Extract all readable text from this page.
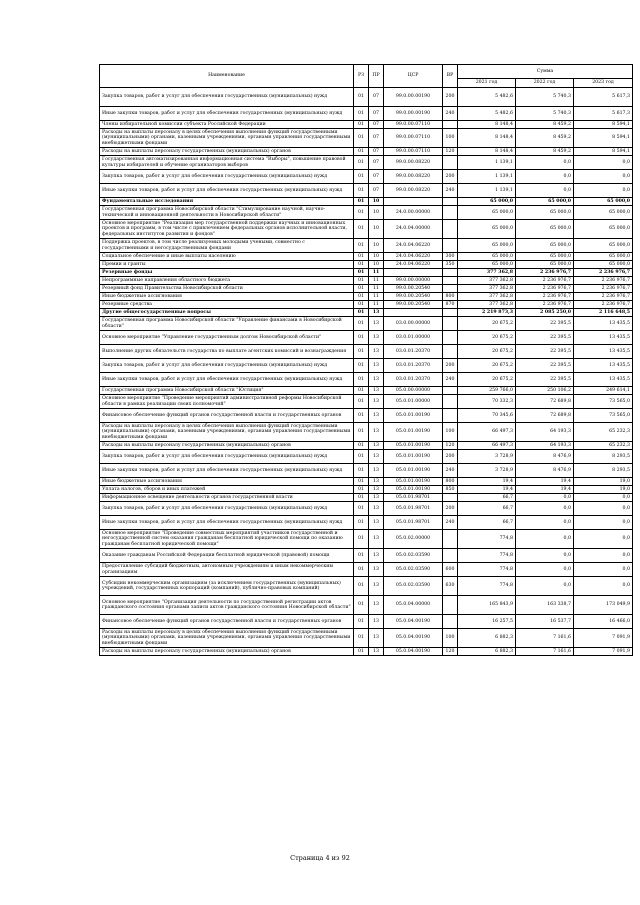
Наименование	РЗ	ПР	ЦСР	ВР	Сумма		
					2021 год	2022 год	2023 год
Закупка товаров, работ и услуг для обеспечения государственных (муниципальных) нужд	01	07	99.0.00.00190	200	5 482,6	5 740,3	5 617,3
Иные закупки товаров, работ и услуг для обеспечения государственных (муниципальных) нужд	01	07	99.0.00.00190	240	5 482,6	5 740,3	5 617,3
Члены избирательной комиссии субъекта Российской Федерации	01	07	99.0.00.07110		8 148,4	8 459,2	8 594,1
Расходы на выплаты персоналу в целях обеспечения выполнения функций государственными (муниципальными) органами, казенными учреждениями, органами управления государственными внебюджетными фондами	01	07	99.0.00.07110	100	8 148,4	8 459,2	8 594,1
Расходы на выплаты персоналу государственных (муниципальных) органов	01	07	99.0.00.07110	120	8 148,4	8 459,2	8 594,1
Государственная автоматизированная информационная система "Выборы", повышение правовой культуры избирателей и обучение организаторов выборов	01	07	99.0.00.08220		1 139,1	0,0	0,0
Закупка товаров, работ и услуг для обеспечения государственных (муниципальных) нужд	01	07	99.0.00.08220	200	1 139,1	0,0	0,0
Иные закупки товаров, работ и услуг для обеспечения государственных (муниципальных) нужд	01	07	99.0.00.08220	240	1 139,1	0,0	0,0
Фундаментальные исследования	01	10			65 000,0	65 000,0	65 000,0
Государственная программа Новосибирской области "Стимулирование научной, научно-технической и инновационной деятельности в Новосибирской области"	01	10	24.0.00.00000		65 000,0	65 000,0	65 000,0
Основное мероприятие "Реализация мер государственной поддержки научных и инновационных проектов и программ, в том числе с привлечением федеральных органов исполнительной власти, федеральных институтов развития и фондов"	01	10	24.0.04.00000		65 000,0	65 000,0	65 000,0
Поддержка проектов, в том числе реализуемых молодыми учеными, совместно с государственными и негосударственными фондами	01	10	24.0.04.06220		65 000,0	65 000,0	65 000,0
Социальное обеспечение и иные выплаты населению	01	10	24.0.04.06220	300	65 000,0	65 000,0	65 000,0
Премии и гранты	01	10	24.0.04.06220	350	65 000,0	65 000,0	65 000,0
Резервные фонды	01	11			377 362,8	2 236 976,7	2 236 976,7
Непрограммные направления областного бюджета	01	11	99.0.00.00000		377 362,8	2 236 976,7	2 236 976,7
Резервный фонд Правительства Новосибирской области	01	11	99.0.00.20540		377 362,8	2 236 976,7	2 236 976,7
Иные бюджетные ассигнования	01	11	99.0.00.20540	800	377 362,8	2 236 976,7	2 236 976,7
Резервные средства	01	11	99.0.00.20540	870	377 362,8	2 236 976,7	2 236 976,7
Другие общегосударственные вопросы	01	13			2 219 873,3	2 085 250,0	2 116 648,5
Государственная программа Новосибирской области "Управление финансами в Новосибирской области"	01	13	03.0.00.00000		20 675,2	22 395,5	13 435,5
Основное мероприятие "Управление государственным долгом Новосибирской области"	01	13	03.0.01.00000		20 675,2	22 395,5	13 435,5
Выполнение других обязательств государства по выплате агентских комиссий и вознаграждения	01	13	03.0.01.20370		20 675,2	22 395,5	13 435,5
Закупка товаров, работ и услуг для обеспечения государственных (муниципальных) нужд	01	13	03.0.01.20370	200	20 675,2	22 395,5	13 435,5
Иные закупки товаров, работ и услуг для обеспечения государственных (муниципальных) нужд	01	13	03.0.01.20370	240	20 675,2	22 395,5	13 435,5
Государственная программа Новосибирской области "Юстиция"	01	13	05.0.00.00000		259 766,0	250 106,2	249 614,1
Основное мероприятие "Проведение мероприятий административной реформы Новосибирской области в рамках реализации своих полномочий"	01	13	05.0.01.00000		70 332,3	72 689,8	73 565,0
Финансовое обеспечение функций органов государственной власти и государственных органов	01	13	05.0.01.00190		70 345,6	72 689,8	73 565,0
Расходы на выплаты персоналу в целях обеспечения выполнения функций государственными (муниципальными) органами, казенными учреждениями, органами управления государственными внебюджетными фондами	01	13	05.0.01.00190	100	66 497,3	64 193,3	65 232,3
Расходы на выплаты персоналу государственных (муниципальных) органов	01	13	05.0.01.00190	120	66 497,3	64 193,3	65 232,3
Закупка товаров, работ и услуг для обеспечения государственных (муниципальных) нужд	01	13	05.0.01.00190	200	3 728,9	8 476,9	8 293,5
Иные закупки товаров, работ и услуг для обеспечения государственных (муниципальных) нужд	01	13	05.0.01.00190	240	3 728,9	8 476,9	8 293,5
Иные бюджетные ассигнования	01	13	05.0.01.00190	800	19,4	19,4	19,0
Уплата налогов, сборов и иных платежей	01	13	05.0.01.00190	850	19,4	19,4	19,0
Информационное освещение деятельности органов государственной власти	01	13	05.0.01.98701		66,7	0,0	0,0
Закупка товаров, работ и услуг для обеспечения государственных (муниципальных) нужд	01	13	05.0.01.98701	200	66,7	0,0	0,0
Иные закупки товаров, работ и услуг для обеспечения государственных (муниципальных) нужд	01	13	05.0.01.98701	240	66,7	0,0	0,0
Основное мероприятие "Проведение совместных мероприятий участников государственной и негосударственной систем оказания гражданам бесплатной юридической помощи по оказанию гражданам бесплатной юридической помощи"	01	13	05.0.02.00000		774,8	0,0	0,0
Оказание гражданам Российской Федерации бесплатной юридической (правовой) помощи	01	13	05.0.02.03590		774,8	0,0	0,0
Предоставление субсидий бюджетным, автономным учреждениям и иным некоммерческим организациям	01	13	05.0.02.03590	600	774,8	0,0	0,0
Субсидии некоммерческим организациям (за исключением государственных (муниципальных) учреждений, государственных корпораций (компаний), публично-правовых компаний)	01	13	05.0.02.03590	630	774,8	0,0	0,0
Основное мероприятие "Организация деятельности по государственной регистрации актов гражданского состояния органами записи актов гражданского состояния Новосибирской области"	01	13	05.0.04.00000		165 843,9	163 338,7	173 049,9
Финансовое обеспечение функций органов государственной власти и государственных органов	01	13	05.0.04.00190		16 257,5	16 537,7	16 466,0
Расходы на выплаты персоналу в целях обеспечения выполнения функций государственными (муниципальными) органами, казенными учреждениями, органами управления государственными внебюджетными фондами	01	13	05.0.04.00190	100	6 882,3	7 161,6	7 091,9
Расходы на выплаты персоналу государственных (муниципальных) органов	01	13	05.0.04.00190	120	6 882,3	7 161,6	7 091,9
Страница 4 из 92
